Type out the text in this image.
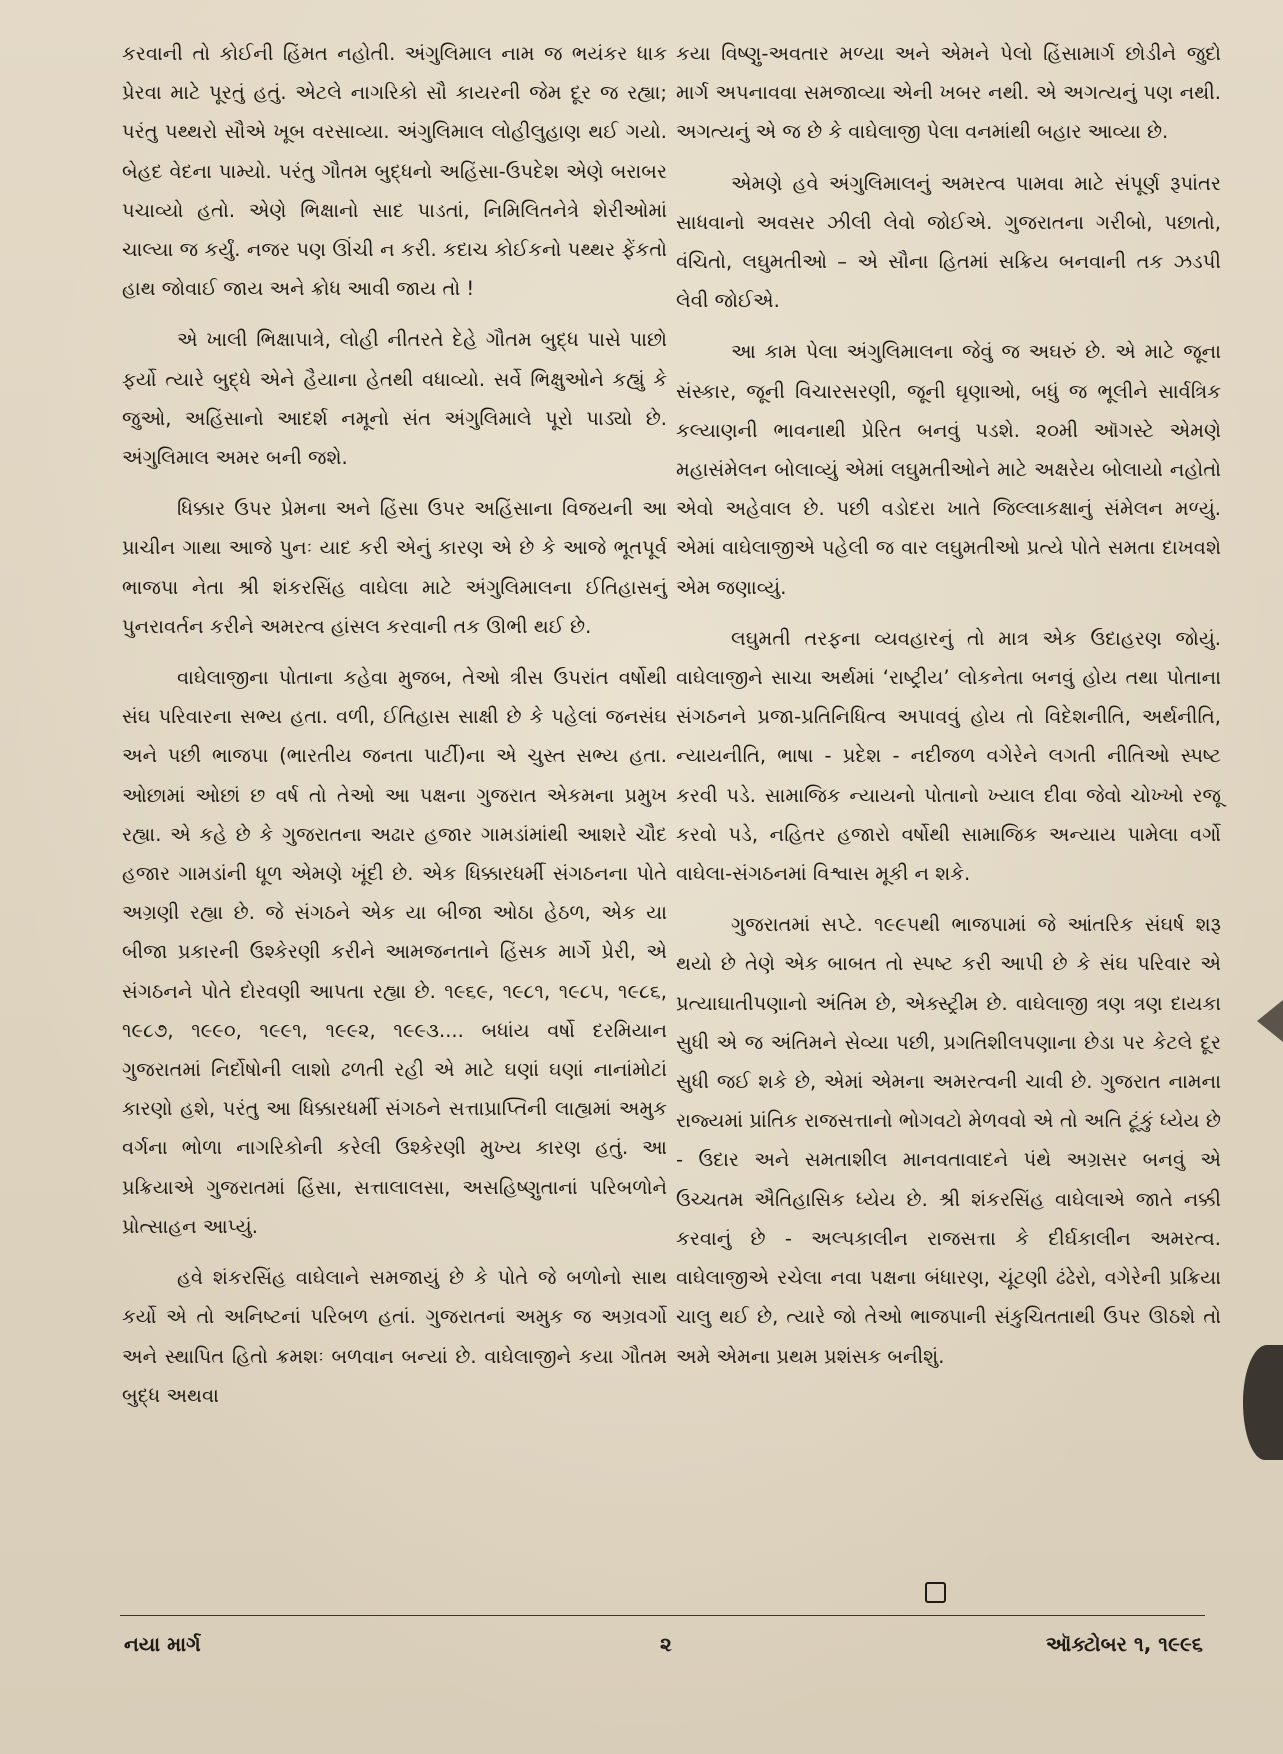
કરવાની તો કોઈની હિંમત નહોતી. અંગુલિમાલ નામ જ ભયંકર ધાક પ્રેરવા માટે પૂરતું હતું. એટલે નાગરિકો સૌ કાયરની જેમ દૂર જ રહ્યા; પરંતુ પથ્થરો સૌએ ખૂબ વરસાવ્યા. અંગુલિમાલ લોહીલુહાણ થઈ ગયો. બેહદ વેદના પામ્યો. પરંતુ ગૌતમ બુદ્ધનો અહિંસા-ઉપદેશ એણે બરાબર પચાવ્યો હતો. એણે ભિક્ષાનો સાદ પાડતાં, નિમિલિતનેત્રે શેરીઓમાં ચાલ્યા જ કર્યું. નજર પણ ઊંચી ન કરી. કદાચ કોઈકનો પથ્થર ફેંકતો હાથ જોવાઈ જાય અને ક્રોધ આવી જાય તો !

એ ખાલી ભિક્ષાપાત્રે, લોહી નીતરતે દેહે ગૌતમ બુદ્ધ પાસે પાછો ફર્યો ત્યારે બુદ્ધે એને હૈયાના હેતથી વધાવ્યો. સર્વે ભિક્ષુઓને કહ્યું કે જુઓ, અહિંસાનો આદર્શ નમૂનો સંત અંગુલિમાલે પૂરો પાડ્યો છે. અંગુલિમાલ અમર બની જશે.

ધિક્કાર ઉપર પ્રેમના અને હિંસા ઉપર અહિંસાના વિજયની આ પ્રાચીન ગાથા આજે પુનઃ યાદ કરી એનું કારણ એ છે કે આજે ભૂતપૂર્વ ભાજપા નેતા શ્રી શંકરસિંહ વાઘેલા માટે અંગુલિમાલના ઈતિહાસનું પુનરાવર્તન કરીને અમરત્વ હાંસલ કરવાની તક ઊભી થઈ છે.

વાઘેલાજીના પોતાના કહેવા મુજબ, તેઓ ત્રીસ ઉપરાંત વર્ષોથી સંઘ પરિવારના સભ્ય હતા. વળી, ઈતિહાસ સાક્ષી છે કે પહેલાં જનસંઘ અને પછી ભાજપા (ભારતીય જનતા પાર્ટી)ના એ ચુસ્ત સભ્ય હતા. ઓછામાં ઓછાં છ વર્ષ તો તેઓ આ પક્ષના ગુજરાત એકમના પ્રમુખ રહ્યા. એ કહે છે કે ગુજરાતના અઢાર હજાર ગામડાંમાંથી આશરે ચૌદ હજાર ગામડાંની ધૂળ એમણે ખૂંદી છે. એક ધિક્કારધર્મી સંગઠનના પોતે અગ્રણી રહ્યા છે. જે સંગઠને એક યા બીજા ઓઠા હેઠળ, એક યા બીજા પ્રકારની ઉશ્કેરણી કરીને આમજનતાને હિંસક માર્ગે પ્રેરી, એ સંગઠનને પોતે દોરવણી આપતા રહ્યા છે. ૧૯૬૯, ૧૯૮૧, ૧૯૮૫, ૧૯૮૬, ૧૯૮૭, ૧૯૯૦, ૧૯૯૧, ૧૯૯૨, ૧૯૯૩.... બધાંય વર્ષો દરમિયાન ગુજરાતમાં નિર્દોષોની લાશો ઢળતી રહી એ માટે ઘણાં ઘણાં નાનાંમોટાં કારણો હશે, પરંતુ આ ધિક્કારધર્મી સંગઠને સત્તાપ્રાપ્તિની લાહ્યમાં અમુક વર્ગના ભોળા નાગરિકોની કરેલી ઉશ્કેરણી મુખ્ય કારણ હતું. આ પ્રક્રિયાએ ગુજરાતમાં હિંસા, સત્તાલાલસા, અસહિષ્ણુતાનાં પરિબળોને પ્રોત્સાહન આપ્યું.

હવે શંકરસિંહ વાઘેલાને સમજાયું છે કે પોતે જે બળોનો સાથ કર્યો એ તો અનિષ્ટનાં પરિબળ હતાં. ગુજરાતનાં અમુક જ અગ્રવર્ગો અને સ્થાપિત હિતો ક્રમશઃ બળવાન બન્યાં છે. વાઘેલાજીને કયા ગૌતમ બુદ્ધ અથવા

કયા વિષ્ણુ-અવતાર મળ્યા અને એમને પેલો હિંસામાર્ગ છોડીને જુદો માર્ગ અપનાવવા સમજાવ્યા એની ખબર નથી. એ અગત્યનું પણ નથી. અગત્યનું એ જ છે કે વાઘેલાજી પેલા વનમાંથી બહાર આવ્યા છે.

એમણે હવે અંગુલિમાલનું અમરત્વ પામવા માટે સંપૂર્ણ રૂપાંતર સાધવાનો અવસર ઝીલી લેવો જોઈએ. ગુજરાતના ગરીબો, પછાતો, વંચિતો, લઘુમતીઓ – એ સૌના હિતમાં સક્રિય બનવાની તક ઝડપી લેવી જોઈએ.

આ કામ પેલા અંગુલિમાલના જેવું જ અઘરું છે. એ માટે જૂના સંસ્કાર, જૂની વિચારસરણી, જૂની ઘૃણાઓ, બધું જ ભૂલીને સાર્વત્રિક કલ્યાણની ભાવનાથી પ્રેરિત બનવું પડશે. ૨૦મી ઑગસ્ટે એમણે મહાસંમેલન બોલાવ્યું એમાં લઘુમતીઓને માટે અક્ષરેય બોલાયો નહોતો એવો અહેવાલ છે. પછી વડોદરા ખાતે જિલ્લાકક્ષાનું સંમેલન મળ્યું. એમાં વાઘેલાજીએ પહેલી જ વાર લઘુમતીઓ પ્રત્યે પોતે સમતા દાખવશે એમ જણાવ્યું.

લઘુમતી તરફના વ્યવહારનું તો માત્ર એક ઉદાહરણ જોયું. વાઘેલાજીને સાચા અર્થમાં ‘રાષ્ટ્રીય’ લોકનેતા બનવું હોય તથા પોતાના સંગઠનને પ્રજા-પ્રતિનિધિત્વ અપાવવું હોય તો વિદેશનીતિ, અર્થનીતિ, ન્યાયનીતિ, ભાષા - પ્રદેશ - નદીજળ વગેરેને લગતી નીતિઓ સ્પષ્ટ કરવી પડે. સામાજિક ન્યાયનો પોતાનો ખ્યાલ દીવા જેવો ચોખ્ખો રજૂ કરવો પડે, નહિતર હજારો વર્ષોથી સામાજિક અન્યાય પામેલા વર્ગો વાઘેલા-સંગઠનમાં વિશ્વાસ મૂકી ન શકે.

ગુજરાતમાં સપ્ટે. ૧૯૯૫થી ભાજપામાં જે આંતરિક સંઘર્ષ શરૂ થયો છે તેણે એક બાબત તો સ્પષ્ટ કરી આપી છે કે સંઘ પરિવાર એ પ્રત્યાઘાતીપણાનો અંતિમ છે, એક્સ્ટ્રીમ છે. વાઘેલાજી ત્રણ ત્રણ દાયકા સુધી એ જ અંતિમને સેવ્યા પછી, પ્રગતિશીલપણાના છેડા પર કેટલે દૂર સુધી જઈ શકે છે, એમાં એમના અમરત્વની ચાવી છે. ગુજરાત નામના રાજ્યમાં પ્રાંતિક રાજસત્તાનો ભોગવટો મેળવવો એ તો અતિ ટૂંકું ધ્યેય છે - ઉદાર અને સમતાશીલ માનવતાવાદને પંથે અગ્રસર બનવું એ ઉચ્ચતમ ઐતિહાસિક ધ્યેય છે. શ્રી શંકરસિંહ વાઘેલાએ જાતે નક્કી કરવાનું છે - અલ્પકાલીન રાજસત્તા કે દીર્ઘકાલીન અમરત્વ. વાઘેલાજીએ રચેલા નવા પક્ષના બંધારણ, ચૂંટણી ઢંઢેરો, વગેરેની પ્રક્રિયા ચાલુ થઈ છે, ત્યારે જો તેઓ ભાજપાની સંકુચિતતાથી ઉપર ઊઠશે તો અમે એમના પ્રથમ પ્રશંસક બનીશું.

નયા માર્ગ	૨	ઑક્ટોબર ૧, ૧૯૯૬
